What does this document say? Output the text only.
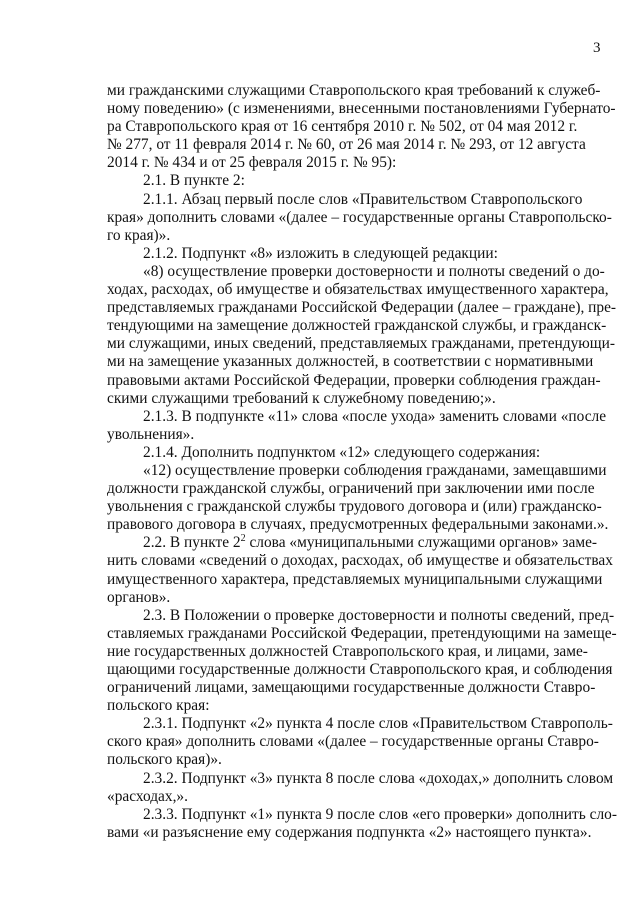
3
ми гражданскими служащими Ставропольского края требований к служеб-
ному поведению» (с изменениями, внесенными постановлениями Губернато-
ра Ставропольского края от 16 сентября 2010 г. № 502, от 04 мая 2012 г.
№ 277, от 11 февраля 2014 г. № 60, от 26 мая 2014 г. № 293, от 12 августа
2014 г. № 434 и от 25 февраля 2015 г. № 95):
2.1. В пункте 2:
2.1.1. Абзац первый после слов «Правительством Ставропольского
края» дополнить словами «(далее – государственные органы Ставропольско-
го края)».
2.1.2. Подпункт «8» изложить в следующей редакции:
«8) осуществление проверки достоверности и полноты сведений о до-
ходах, расходах, об имуществе и обязательствах имущественного характера,
представляемых гражданами Российской Федерации (далее – граждане), пре-
тендующими на замещение должностей гражданской службы, и гражданск-
ми служащими, иных сведений, представляемых гражданами, претендующи-
ми на замещение указанных должностей, в соответствии с нормативными
правовыми актами Российской Федерации, проверки соблюдения граждан-
скими служащими требований к служебному поведению;».
2.1.3. В подпункте «11» слова «после ухода» заменить словами «после
увольнения».
2.1.4. Дополнить подпунктом «12» следующего содержания:
«12) осуществление проверки соблюдения гражданами, замещавшими
должности гражданской службы, ограничений при заключении ими после
увольнения с гражданской службы трудового договора и (или) гражданско-
правового договора в случаях, предусмотренных федеральными законами.».
2.2. В пункте $2^2$ слова «муниципальными служащими органов» заме-
нить словами «сведений о доходах, расходах, об имуществе и обязательствах
имущественного характера, представляемых муниципальными служащими
органов».
2.3. В Положении о проверке достоверности и полноты сведений, пред-
ставляемых гражданами Российской Федерации, претендующими на замеще-
ние государственных должностей Ставропольского края, и лицами, заме-
щающими государственные должности Ставропольского края, и соблюдения
ограничений лицами, замещающими государственные должности Ставро-
польского края:
2.3.1. Подпункт «2» пункта 4 после слов «Правительством Ставрополь-
ского края» дополнить словами «(далее – государственные органы Ставро-
польского края)».
2.3.2. Подпункт «3» пункта 8 после слова «доходах,» дополнить словом
«расходах,».
2.3.3. Подпункт «1» пункта 9 после слов «его проверки» дополнить сло-
вами «и разъяснение ему содержания подпункта «2» настоящего пункта».
